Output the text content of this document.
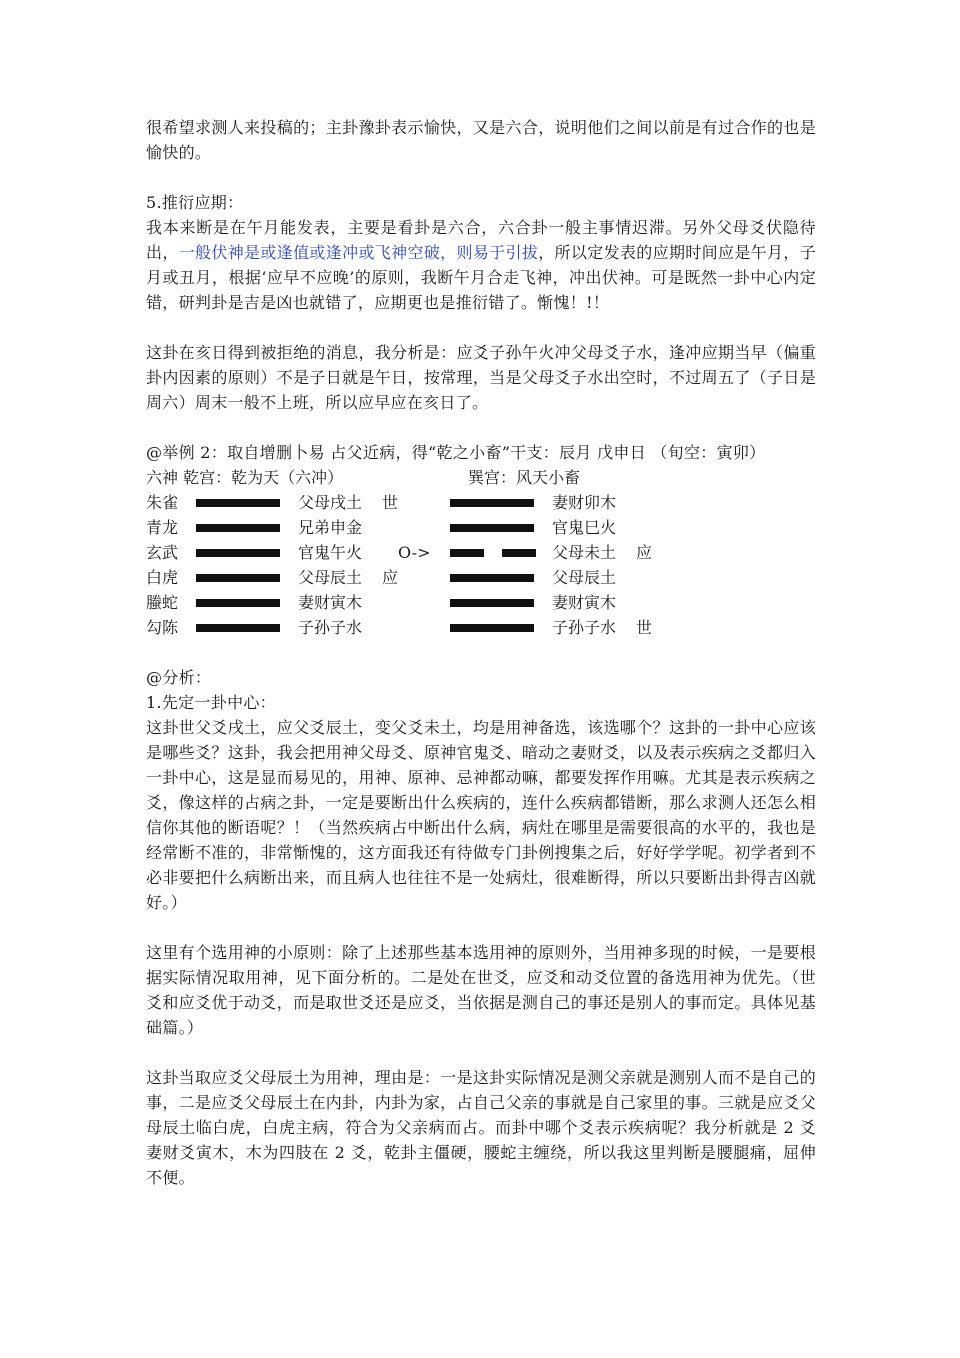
很希望求测人来投稿的；主卦豫卦表示愉快，又是六合，说明他们之间以前是有过合作的也是愉快的。

5.推衍应期：

我本来断是在午月能发表，主要是看卦是六合，六合卦一般主事情迟滞。另外父母爻伏隐待出，一般伏神是或逢值或逢冲或飞神空破，则易于引拔，所以定发表的应期时间应是午月，子月或丑月，根据‘应早不应晚’的原则，我断午月合走飞神，冲出伏神。可是既然一卦中心内定错，研判卦是吉是凶也就错了，应期更也是推衍错了。惭愧！!！

这卦在亥日得到被拒绝的消息，我分析是：应爻子孙午火冲父母爻子水，逢冲应期当早（偏重卦内因素的原则）不是子日就是午日，按常理，当是父母爻子水出空时，不过周五了（子日是周六）周末一般不上班，所以应早应在亥日了。

@举例 2：取自增删卜易 占父近病，得“乾之小畜”干支：辰月 戊申日 （旬空：寅卯）

六神 乾宫：乾为天（六冲）	巽宫：风天小畜
朱雀	父母戌土 世	妻财卯木
青龙	兄弟申金	官鬼巳火
玄武	官鬼午火 O->	父母未土 应
白虎	父母辰土 应	父母辰土
螣蛇	妻财寅木	妻财寅木
勾陈	子孙子水	子孙子水 世

@分析：

1.先定一卦中心：

这卦世父爻戌土，应父爻辰土，变父爻未土，均是用神备选，该选哪个？这卦的一卦中心应该是哪些爻？这卦，我会把用神父母爻、原神官鬼爻、暗动之妻财爻，以及表示疾病之爻都归入一卦中心，这是显而易见的，用神、原神、忌神都动嘛，都要发挥作用嘛。尤其是表示疾病之爻，像这样的占病之卦，一定是要断出什么疾病的，连什么疾病都错断，那么求测人还怎么相信你其他的断语呢？！（当然疾病占中断出什么病，病灶在哪里是需要很高的水平的，我也是经常断不准的，非常惭愧的，这方面我还有待做专门卦例搜集之后，好好学学呢。初学者到不必非要把什么病断出来，而且病人也往往不是一处病灶，很难断得，所以只要断出卦得吉凶就好。）

这里有个选用神的小原则：除了上述那些基本选用神的原则外，当用神多现的时候，一是要根据实际情况取用神，见下面分析的。二是处在世爻，应爻和动爻位置的备选用神为优先。（世爻和应爻优于动爻，而是取世爻还是应爻，当依据是测自己的事还是别人的事而定。具体见基础篇。）

这卦当取应爻父母辰土为用神，理由是：一是这卦实际情况是测父亲就是测别人而不是自己的事，二是应爻父母辰土在内卦，内卦为家，占自己父亲的事就是自己家里的事。三就是应爻父母辰土临白虎，白虎主病，符合为父亲病而占。而卦中哪个爻表示疾病呢？我分析就是 2 爻妻财爻寅木，木为四肢在 2 爻，乾卦主僵硬，腰蛇主缠绕，所以我这里判断是腰腿痛，屈伸不便。
